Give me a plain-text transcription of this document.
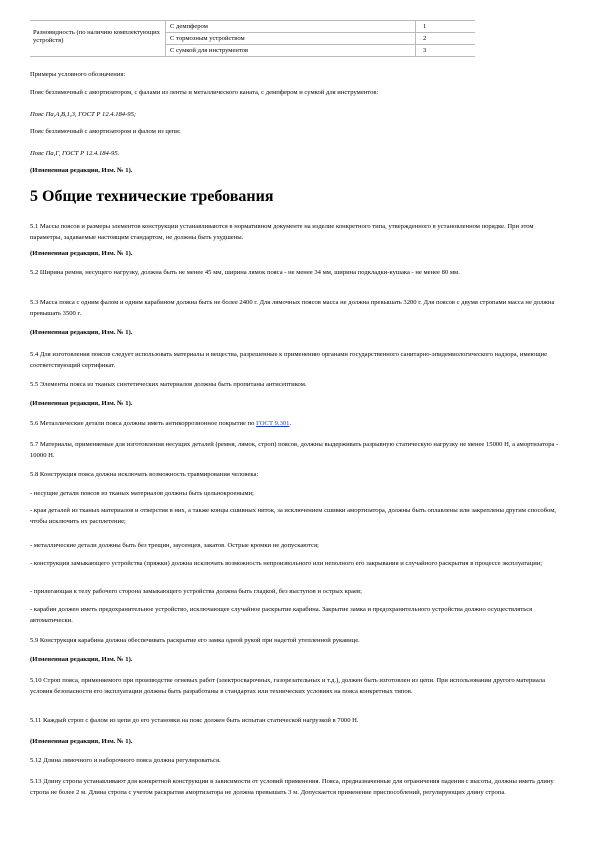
Разновидность (по наличию комплектующих устройств)
С демпфером	1
С тормозным устройством	2
С сумкой для инструментов	3

Примеры условного обозначения:

Пояс безлямочный с амортизатором, с фалами из ленты и металлического каната, с демпфером и сумкой для инструментов:

Пояс Па,А,В,1,3, ГОСТ Р 12.4.184-95;

Пояс безлямочный с амортизатором и фалом из цепи:

Пояс Па,Г, ГОСТ Р 12.4.184-95.

(Измененная редакция, Изм. № 1).

5 Общие технические требования

5.1 Массы поясов и размеры элементов конструкции устанавливаются в нормативном документе на изделие конкретного типа, утвержденного в установленном порядке. При этом параметры, задаваемые настоящим стандартом, не должны быть ухудшены.

(Измененная редакция, Изм. № 1).

5.2 Ширина ремня, несущего нагрузку, должна быть не менее 45 мм, ширина лямок пояса - не менее 34 мм, ширина подкладки-кушака - не менее 80 мм.

5.3 Масса пояса с одним фалом и одним карабином должна быть не более 2400 г. Для лямочных поясов масса не должна превышать 3200 г. Для поясов с двумя стропами масса не должна превышать 3500 г.

(Измененная редакция, Изм. № 1).

5.4 Для изготовления поясов следует использовать материалы и вещества, разрешенные к применению органами государственного санитарно-эпидемиологического надзора, имеющие соответствующий сертификат.

5.5 Элементы пояса из тканых синтетических материалов должны быть пропитаны антисептиком.

(Измененная редакция, Изм. № 1).

5.6 Металлические детали пояса должны иметь антикоррозионное покрытие по ГОСТ 9.301.

5.7 Материалы, применяемые для изготовления несущих деталей (ремня, лямок, строп) поясов, должны выдерживать разрывную статическую нагрузку не менее 15000 Н, а амортизатора - 10000 Н.

5.8 Конструкция пояса должна исключать возможность травмирования человека:

- несущие детали поясов из тканых материалов должны быть цельнокроеными;

- края деталей из тканых материалов и отверстия в них, а также концы сшивных ниток, за исключением сшивки амортизатора, должны быть оплавлены или закреплены другим способом, чтобы исключить их расплетение;

- металлические детали должны быть без трещин, заусенцев, закатов. Острые кромки не допускаются;

- конструкция замыкающего устройства (пряжки) должна исключать возможность непроизвольного или неполного его закрывания и случайного раскрытия в процессе эксплуатации;

- прилегающая к телу рабочего сторона замыкающего устройства должна быть гладкой, без выступов и острых краев;

- карабин должен иметь предохранительное устройство, исключающее случайное раскрытие карабина. Закрытие замка и предохранительного устройства должно осуществляться автоматически.

5.9 Конструкция карабина должна обеспечивать раскрытие его замка одной рукой при надетой утепленной рукавице.

(Измененная редакция, Изм. № 1).

5.10 Строп пояса, применяемого при производстве огневых работ (электросварочных, газорезательных и т.д.), должен быть изготовлен из цепи. При использовании другого материала условия безопасности его эксплуатации должны быть разработаны в стандартах или технических условиях на пояса конкретных типов.

5.11 Каждый строп с фалом из цепи до его установки на пояс должен быть испытан статической нагрузкой в 7000 Н.

(Измененная редакция, Изм. № 1).

5.12 Длина лямочного и наборочного пояса должна регулироваться.

5.13 Длину стропа устанавливают для конкретной конструкции в зависимости от условий применения. Пояса, предназначенные для ограничения падения с высоты, должны иметь длину стропа не более 2 м. Длина стропа с учетом раскрытия амортизатора не должна превышать 3 м. Допускается применение приспособлений, регулирующих длину стропа.
